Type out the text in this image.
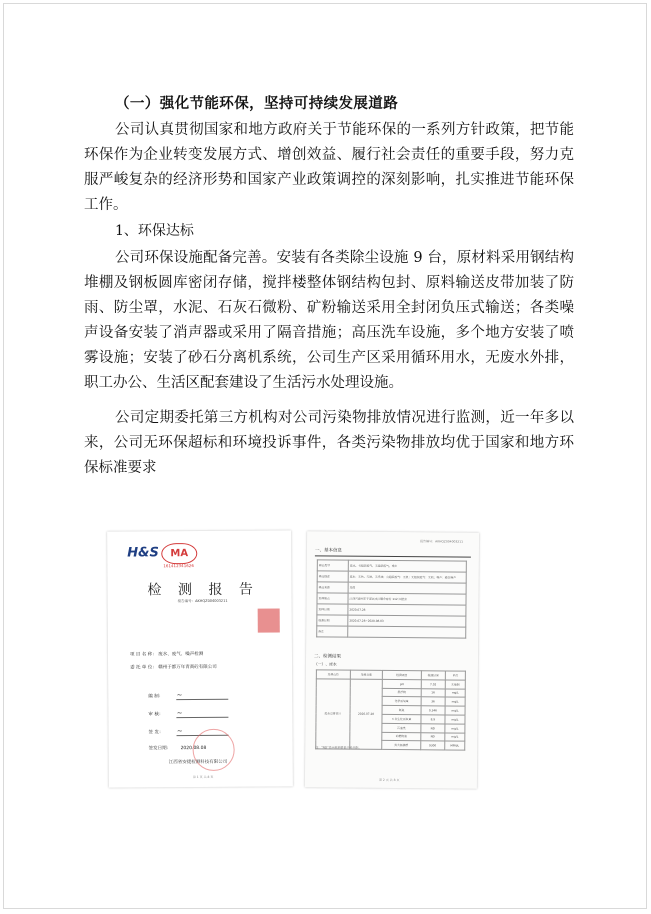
（一）强化节能环保，坚持可持续发展道路
公司认真贯彻国家和地方政府关于节能环保的一系列方针政策，把节能环保作为企业转变发展方式、增创效益、履行社会责任的重要手段，努力克服严峻复杂的经济形势和国家产业政策调控的深刻影响，扎实推进节能环保工作。
1、环保达标
公司环保设施配备完善。安装有各类除尘设施 9 台，原材料采用钢结构堆棚及钢板圆库密闭存储，搅拌楼整体钢结构包封、原料输送皮带加装了防雨、防尘罩，水泥、石灰石微粉、矿粉输送采用全封闭负压式输送；各类噪声设备安装了消声器或采用了隔音措施；高压洗车设施，多个地方安装了喷雾设施；安装了砂石分离机系统，公司生产区采用循环用水，无废水外排，职工办公、生活区配套建设了生活污水处理设施。
公司定期委托第三方机构对公司污染物排放情况进行监测，近一年多以来，公司无环保超标和环境投诉事件，各类污染物排放均优于国家和地方环保标准要求
H&S	MA
161412341626
检 测 报 告
报告编号：AKHQZ004003211
项 目 名 称： 废水、废气、噪声检测
委 托 单 位： 赣州于都万年青商砼有限公司
编 制： ~
审 核： ~
签 发： ~
签发日期： 2020.08.08
江西省安捷检测科技有限公司
第 1 页 共 8 页
报告编号：AKHQZ004003211
一、基本信息
样品类型	废水、有组织废气、无组织废气、噪声
样品描述	废水：无色、无味、无浮油；有组织废气：无机；无组织废气：无机；噪声：稳态噪声
样品来源	采样
采样地点	江西省赣州市于都县贡江镇余家村 112 国道旁
采样日期	2020.07.28
检测日期	2020.07.28~2020.08.03
备注	
二、检测结果
（一）、废水
采样点位	采样日期	检测项目	检测结果	单位
废水总排放口	2020.07.28	pH	7.02	无量纲
		悬浮物	16	mg/L
		化学需氧量	36	mg/L
		氨氮	0.346	mg/L
		五日生化需氧量	8.9	mg/L
		石油类	ND	mg/L
		动植物油	ND	mg/L
		粪大肠菌群	9300	MPN/L
注："ND"表示检测值低于检出限。
第 2 页 共 8 页
